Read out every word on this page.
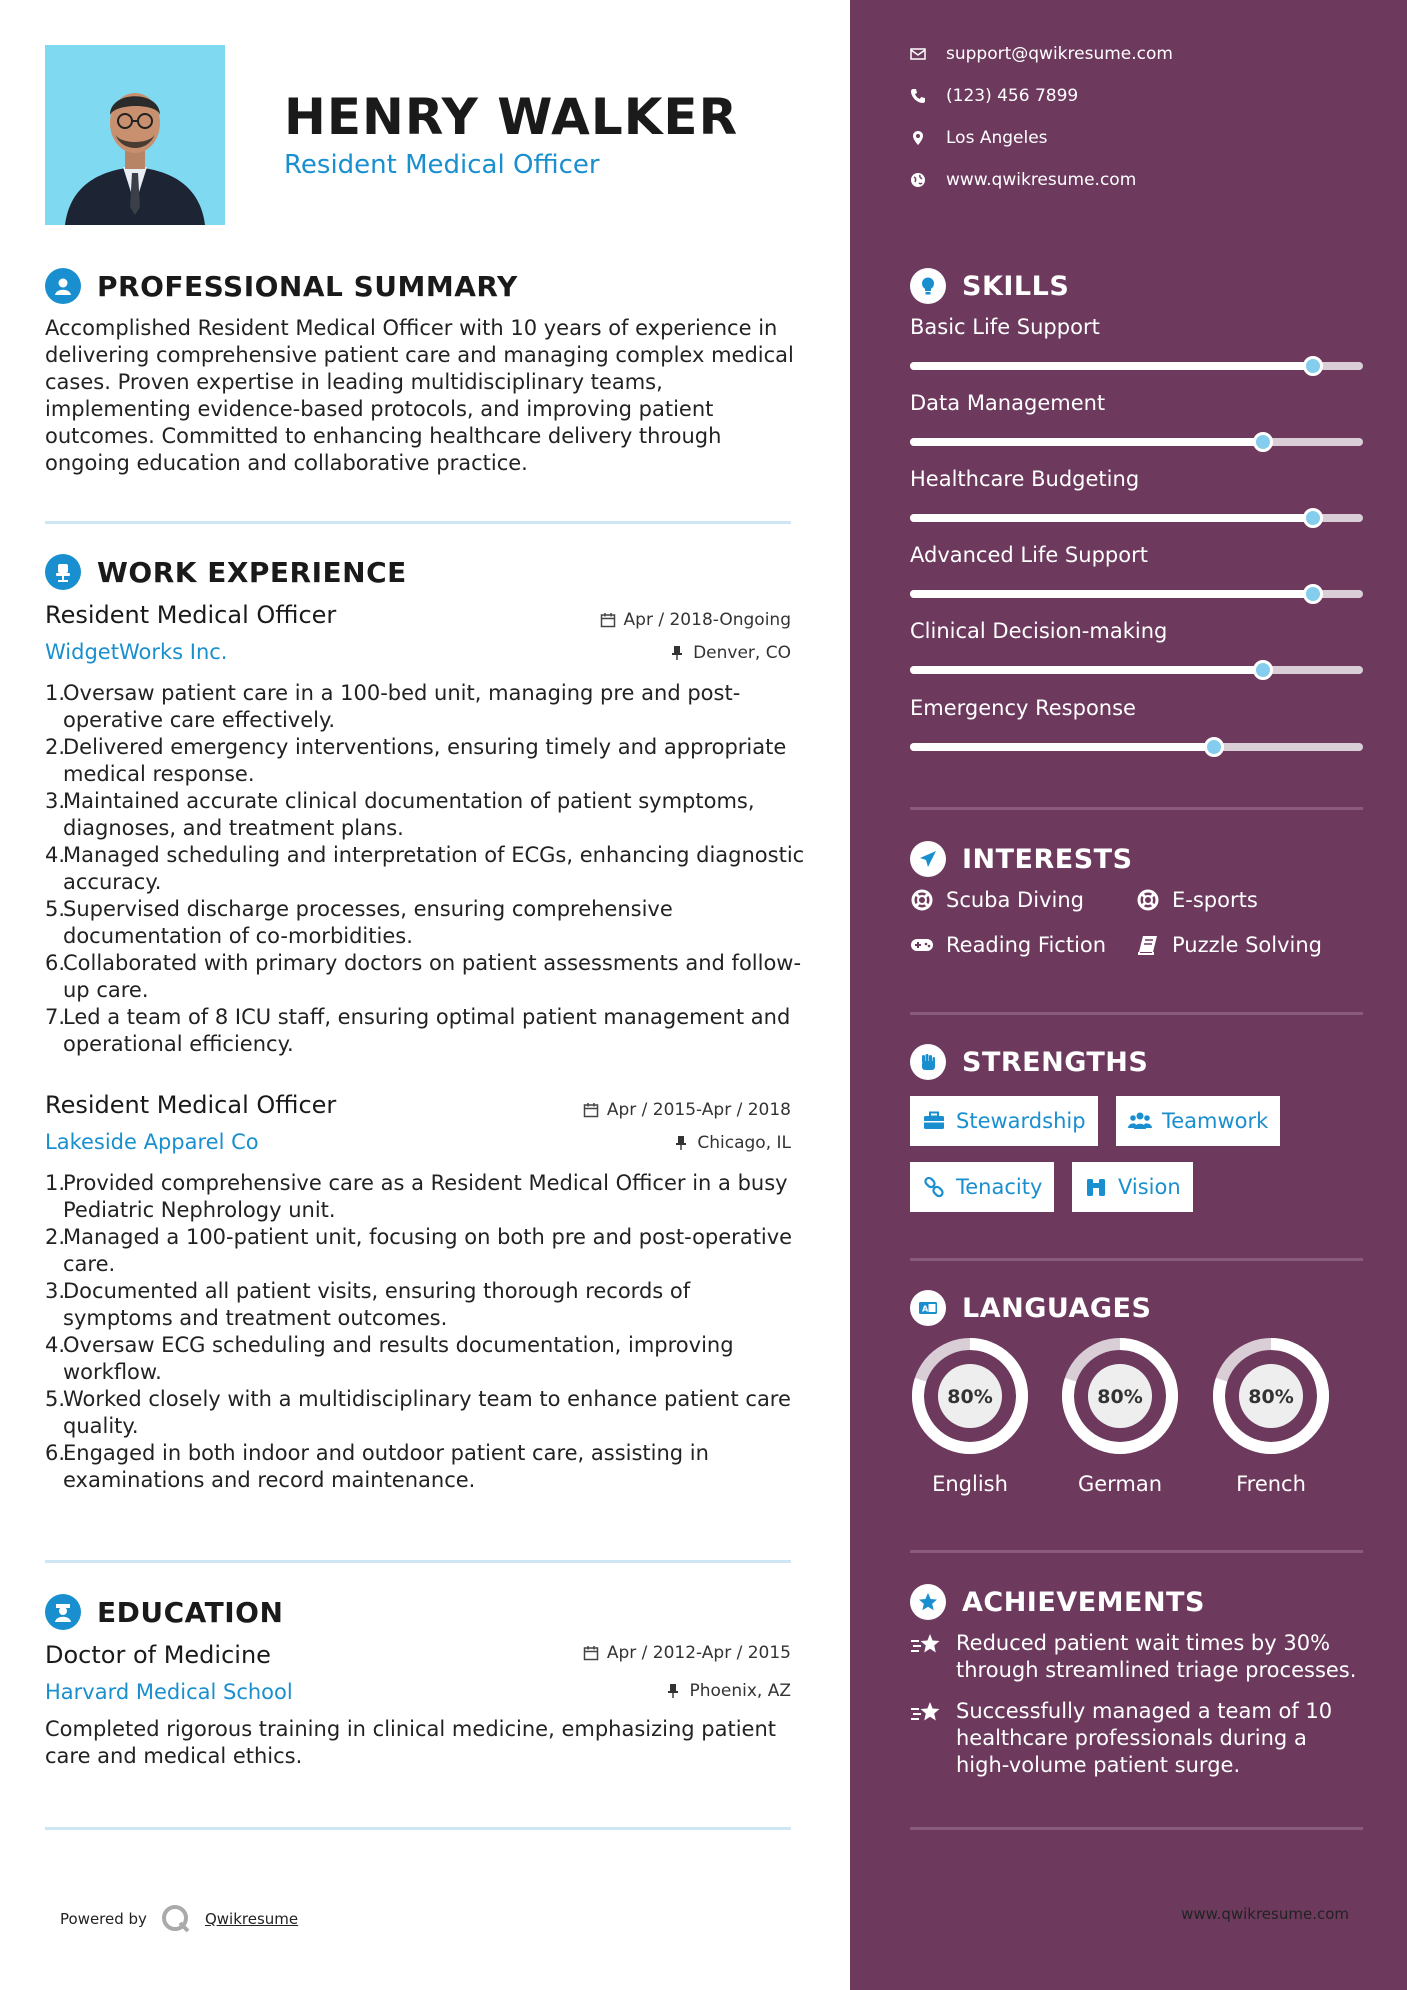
HENRY WALKER
Resident Medical Officer
PROFESSIONAL SUMMARY
Accomplished Resident Medical Officer with 10 years of experience in delivering comprehensive patient care and managing complex medical cases. Proven expertise in leading multidisciplinary teams, implementing evidence-based protocols, and improving patient outcomes. Committed to enhancing healthcare delivery through ongoing education and collaborative practice.
WORK EXPERIENCE
Resident Medical Officer
WidgetWorks Inc.
Apr / 2018-Ongoing
Denver, CO
1.
Oversaw patient care in a 100-bed unit, managing pre and post-operative care effectively.
2.
Delivered emergency interventions, ensuring timely and appropriate medical response.
3.
Maintained accurate clinical documentation of patient symptoms, diagnoses, and treatment plans.
4.
Managed scheduling and interpretation of ECGs, enhancing diagnostic accuracy.
5.
Supervised discharge processes, ensuring comprehensive documentation of co-morbidities.
6.
Collaborated with primary doctors on patient assessments and follow-up care.
7.
Led a team of 8 ICU staff, ensuring optimal patient management and operational efficiency.
Resident Medical Officer
Lakeside Apparel Co
Apr / 2015-Apr / 2018
Chicago, IL
1.
Provided comprehensive care as a Resident Medical Officer in a busy Pediatric Nephrology unit.
2.
Managed a 100-patient unit, focusing on both pre and post-operative care.
3.
Documented all patient visits, ensuring thorough records of symptoms and treatment outcomes.
4.
Oversaw ECG scheduling and results documentation, improving workflow.
5.
Worked closely with a multidisciplinary team to enhance patient care quality.
6.
Engaged in both indoor and outdoor patient care, assisting in examinations and record maintenance.
EDUCATION
Doctor of Medicine
Harvard Medical School
Apr / 2012-Apr / 2015
Phoenix, AZ
Completed rigorous training in clinical medicine, emphasizing patient care and medical ethics.
Powered by	Qwikresume
support@qwikresume.com
(123) 456 7899
Los Angeles
www.qwikresume.com
SKILLS
Basic Life Support
Data Management
Healthcare Budgeting
Advanced Life Support
Clinical Decision-making
Emergency Response
INTERESTS
Scuba Diving	E-sports
Reading Fiction	Puzzle Solving
STRENGTHS
Stewardship	Teamwork
Tenacity	Vision
A LANGUAGES
80%
English
80%
German
80%
French
ACHIEVEMENTS
Reduced patient wait times by 30% through streamlined triage processes.
Successfully managed a team of 10 healthcare professionals during a high-volume patient surge.
www.qwikresume.com
